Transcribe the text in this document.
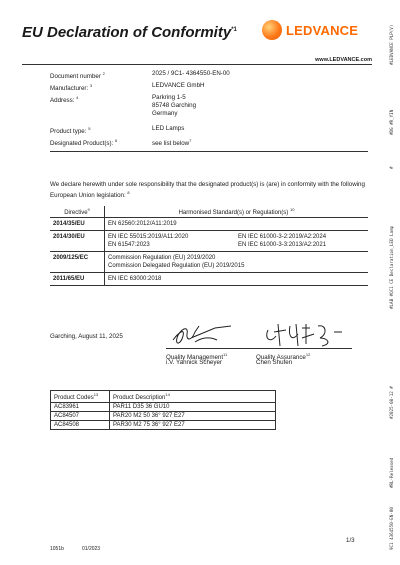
EU Declaration of Conformity$^{*1}$	LEDVANCE
www.LEDVANCE.com	#LEDVANCE PLP(V)
#DG #R_YIN
#
#LAB #QC1 CE Declaration_LED Lamp
#2025-08-12 #
#RL-Released
9C1 4364550-EN-00
Document number $^2$	2025 / 9C1- 4364550-EN-00
Manufacturer: $^3$	LEDVANCE GmbH
Address: $^4$	Parkring 1-5
85748 Garching
Germany
Product type: $^5$	LED Lamps
Designated Product(s): $^6$	see list below$^7$
We declare herewith under sole responsibility that the designated product(s) is (are) in conformity with the following European Union legislation: $^8$
Directive$^9$	Harmonised Standard(s) or Regulation(s) $^{10}$
2014/35/EU	EN 62560:2012/A11:2019

2014/30/EU	EN IEC 55015:2019/A11:2020 EN IEC 61000-3-2:2019/A2:2024
EN 61547:2023 EN IEC 61000-3-3:2013/A2:2021

2009/125/EC	Commission Regulation (EU) 2019/2020
Commission Delegated Regulation (EU) 2019/2015

2011/65/EU	EN IEC 63000:2018
Garching, August 11, 2025
Quality Management$^{11}$
i.V. Yannick Scheyer
Quality Assurance$^{12}$
Chen Shufen
Product Codes$^{13}$	Product Description$^{14}$
AC83961	PAR11 D35 36 GU10
AC84507	PAR20 M2 50 36° 927 E27
AC84508	PAR30 M2 75 36° 927 E27
1/3
1051b	01/2023
